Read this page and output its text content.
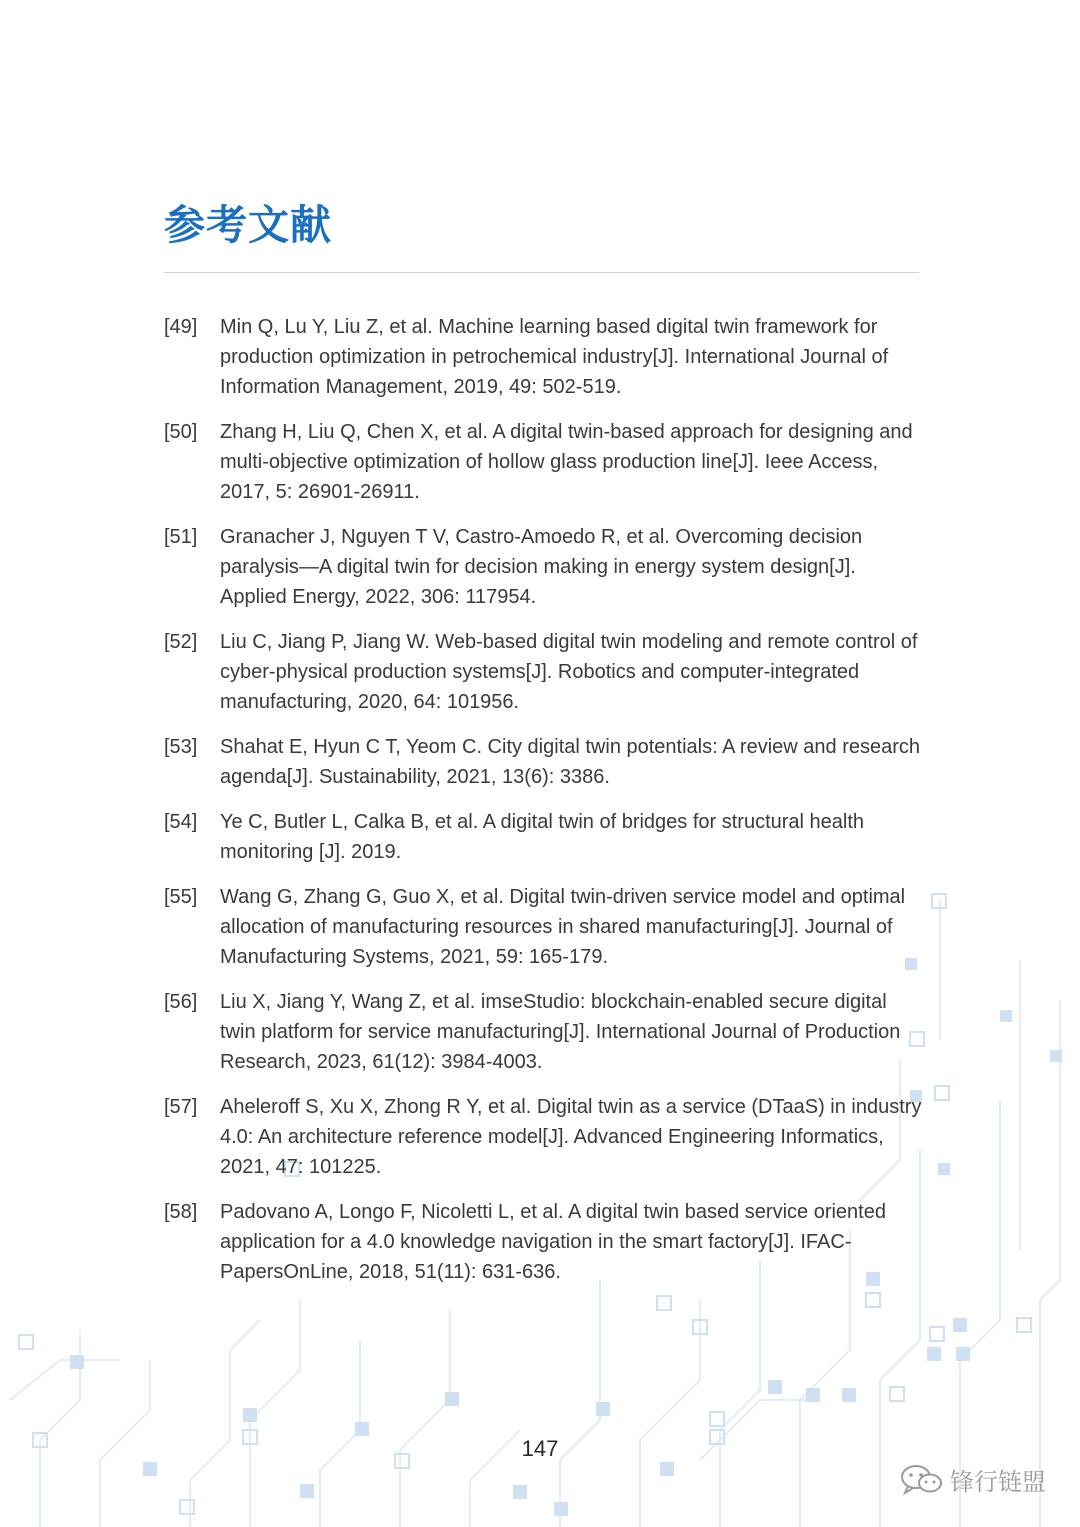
参考文献
[49] Min Q, Lu Y, Liu Z, et al. Machine learning based digital twin framework for production optimization in petrochemical industry[J]. International Journal of Information Management, 2019, 49: 502-519.
[50] Zhang H, Liu Q, Chen X, et al. A digital twin-based approach for designing and multi-objective optimization of hollow glass production line[J]. Ieee Access, 2017, 5: 26901-26911.
[51] Granacher J, Nguyen T V, Castro-Amoedo R, et al. Overcoming decision paralysis—A digital twin for decision making in energy system design[J]. Applied Energy, 2022, 306: 117954.
[52] Liu C, Jiang P, Jiang W. Web-based digital twin modeling and remote control of cyber-physical production systems[J]. Robotics and computer-integrated manufacturing, 2020, 64: 101956.
[53] Shahat E, Hyun C T, Yeom C. City digital twin potentials: A review and research agenda[J]. Sustainability, 2021, 13(6): 3386.
[54] Ye C, Butler L, Calka B, et al. A digital twin of bridges for structural health monitoring [J]. 2019.
[55] Wang G, Zhang G, Guo X, et al. Digital twin-driven service model and optimal allocation of manufacturing resources in shared manufacturing[J]. Journal of Manufacturing Systems, 2021, 59: 165-179.
[56] Liu X, Jiang Y, Wang Z, et al. imseStudio: blockchain-enabled secure digital twin platform for service manufacturing[J]. International Journal of Production Research, 2023, 61(12): 3984-4003.
[57] Aheleroff S, Xu X, Zhong R Y, et al. Digital twin as a service (DTaaS) in industry 4.0: An architecture reference model[J]. Advanced Engineering Informatics, 2021, 47: 101225.
[58] Padovano A, Longo F, Nicoletti L, et al. A digital twin based service oriented application for a 4.0 knowledge navigation in the smart factory[J]. IFAC-PapersOnLine, 2018, 51(11): 631-636.
147
锋行链盟
